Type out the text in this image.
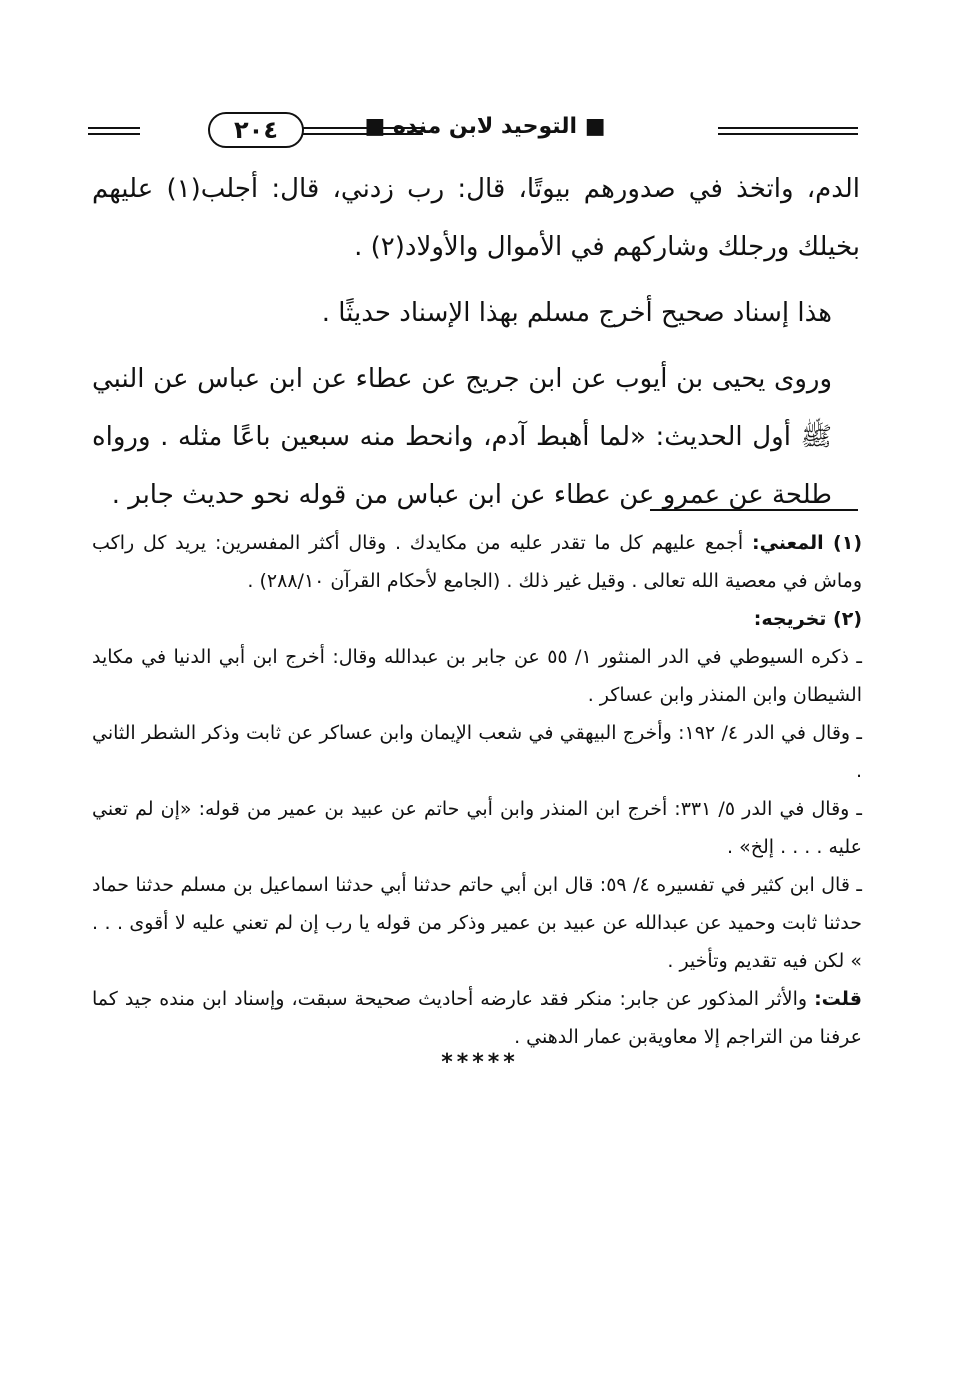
٢٠٤	■ التوحيد لابن منده ■

الدم، واتخذ في صدورهم بيوتًا، قال: رب زدني، قال: أجلب(١) عليهم بخيلك ورجلك وشاركهم في الأموال والأولاد(٢) .

هذا إسناد صحيح أخرج مسلم بهذا الإسناد حديثًا .

وروى يحيى بن أيوب عن ابن جريج عن عطاء عن ابن عباس عن النبي ﷺ أول الحديث: «لما أهبط آدم، وانحط منه سبعين باعًا مثله . ورواه طلحة عن عمرو عن عطاء عن ابن عباس من قوله نحو حديث جابر .

(١) المعني: أجمع عليهم كل ما تقدر عليه من مكايدك . وقال أكثر المفسرين: يريد كل راكب وماش في معصية الله تعالى . وقيل غير ذلك . (الجامع لأحكام القرآن ٢٨٨/١٠) .

(٢) تخريجه:

ـ ذكره السيوطي في الدر المنثور ١/ ٥٥ عن جابر بن عبدالله وقال: أخرج ابن أبي الدنيا في مكايد الشيطان وابن المنذر وابن عساكر .

ـ وقال في الدر ٤/ ١٩٢: وأخرج البيهقي في شعب الإيمان وابن عساكر عن ثابت وذكر الشطر الثاني .

ـ وقال في الدر ٥/ ٣٣١: أخرج ابن المنذر وابن أبي حاتم عن عبيد بن عمير من قوله: «إن لم تعني عليه . . . . إلخ» .

ـ قال ابن كثير في تفسيره ٤/ ٥٩: قال ابن أبي حاتم حدثنا أبي حدثنا اسماعيل بن مسلم حدثنا حماد حدثنا ثابت وحميد عن عبدالله عن عبيد بن عمير وذكر من قوله يا رب إن لم تعني عليه لا أقوى . . . » لكن فيه تقديم وتأخير .

قلت: والأثر المذكور عن جابر: منكر فقد عارضه أحاديث صحيحة سبقت، وإسناد ابن منده جيد كما عرفنا من التراجم إلا معاويةبن عمار الدهني .

*****
